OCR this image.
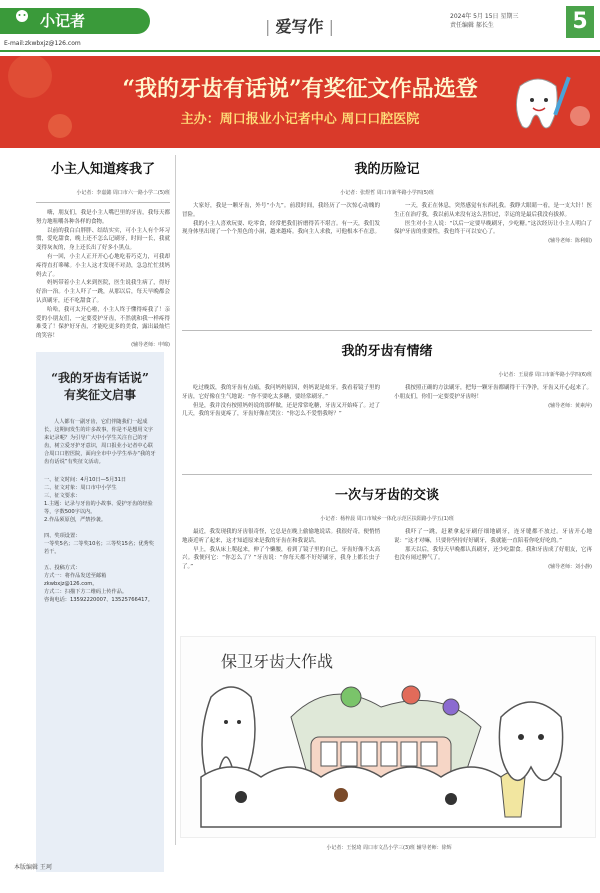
小记者
E-mail:zkwbxjz@126.com
| 爱写作 |
2024年 5月 15日 星期三
责任编辑 郝长生	5
“我的牙齿有话说”有奖征文作品选登
主办：周口报业小记者中心 周口口腔医院
小主人知道疼我了
小记者：李嘉懿 周口市六一路小学二(5)班

嗨，朋友们，我是小主人嘴巴里的牙齿，我每天都努力地咀嚼各种各样的食物。

以前的我白白胖胖、结结实实，可小主人有个坏习惯，爱吃甜食，晚上还不怎么记刷牙，时间一长，我就变得灰灰的，身上还长出了好多小黑点。

有一回，小主人正开开心心地吃着巧克力，可我却疼得直打哆嗦。小主人这才发现不对劲，急急忙忙找妈妈去了。

妈妈带着小主人来到医院，医生说我生病了，得好好治一治。小主人吓了一跳，从那以后，每天早晚都会认真刷牙，还不吃甜食了。

哈哈，我可太开心啦，小主人终于懂得疼我了！亲爱的小朋友们，一定要爱护牙齿，不然就和我一样疼得难受了！保护好牙齿，才能吃更多的美食，露出最灿烂的笑容！

(辅导老师：申锦)
“我的牙齿有话说”
有奖征文启事

人人都有一副牙齿，它们伴随我们一起成长，这期间发生的许多故事，你是不是想用文字来记录呢？为引导广大中小学生关注自己的牙齿，树立爱牙护牙意识，周口报业小记者中心联合周口口腔医院，面向全市中小学生举办“我的牙齿有话说”有奖征文活动。

一、征文时间：4月10日—5月31日

二、征文对象：周口市中小学生

三、征文要求：

1.主题：记录与牙齿的小故事、爱护牙齿的经验等，字数500字以内。

2.作品须原创，严禁抄袭。

四、奖项设置：

一等奖5名；二等奖10名；三等奖15名；优秀奖若干。

五、投稿方式：

方式一：将作品发送至邮箱zkwbxjz@126.com。

方式二：扫描下方二维码上传作品。

咨询电话：13592220007、13525766417。

我的历险记
小记者：张煜哲 周口市新华路小学四(5)班

大家好，我是一颗牙齿，外号“小九”。前段时间，我经历了一次惊心动魄的冒险。

我的小主人喜欢玩耍、吃零食，经常把我们折磨得苦不堪言。有一天，我们发现身体里出现了一个个黑色的小洞，越来越疼。我向主人求救，可他根本不在意。

一天，我正在休息，突然感觉有东西扎我。我睁大眼睛一看，是一支大针！医生正在治疗我，我以前从来没有这么害怕过，幸运的是最后我没有拔掉。

医生对小主人说：“以后一定要早晚刷牙，少吃糖。”这次经历让小主人明白了保护牙齿的重要性，我也终于可以安心了。

(辅导老师：陈利娟)
我的牙齿有情绪
小记者：王晨睿 周口市新华路小学四(6)班

吃过晚饭，我的牙齿有点痛，我问妈妈原因，妈妈说是蛀牙。我看着镜子里的牙齿，它好像在生气地说：“你不要吃太多糖，要经常刷牙。”

但是，我并没有按照妈妈说的那样做，还是常常吃糖，牙齿又开始疼了。过了几天，我的牙齿更疼了，牙齿好像在哭泣：“你怎么不爱惜我呀？”

我按照正确的方法刷牙，把每一颗牙齿都刷得干干净净，牙齿又开心起来了。小朋友们，你们一定要爱护牙齿呀！

(辅导老师：黄素萍)
一次与牙齿的交谈
小记者：杨梓晨 周口市城乡一体化示范区扶阳路小学五(1)班

最近，我发现我的牙齿很奇怪，它总是在晚上偷偷地说话。我很好奇，便悄悄地凑近听了起来，这才知道原来是我的牙齿在和我说话。

早上，我从床上爬起来，伸了个懒腰，看到了镜子里的自己，牙齿好像不太高兴。我便问它：“你怎么了？”牙齿说：“你每天都不好好刷牙，我身上都长虫子了。”

我吓了一跳，赶紧拿起牙刷仔细地刷牙，连牙缝都不放过。牙齿开心地说：“这才对嘛，只要你坚持好好刷牙，我就能一直陪着你吃好吃的。”

那天以后，我每天早晚都认真刷牙，还少吃甜食。我和牙齿成了好朋友，它再也没有闹过脾气了。

(辅导老师：刘小静)
保卫牙齿大作战
小记者：王悦琦 周口市文昌小学三(3)班 辅导老师：徐辉
本版编辑 王珂
